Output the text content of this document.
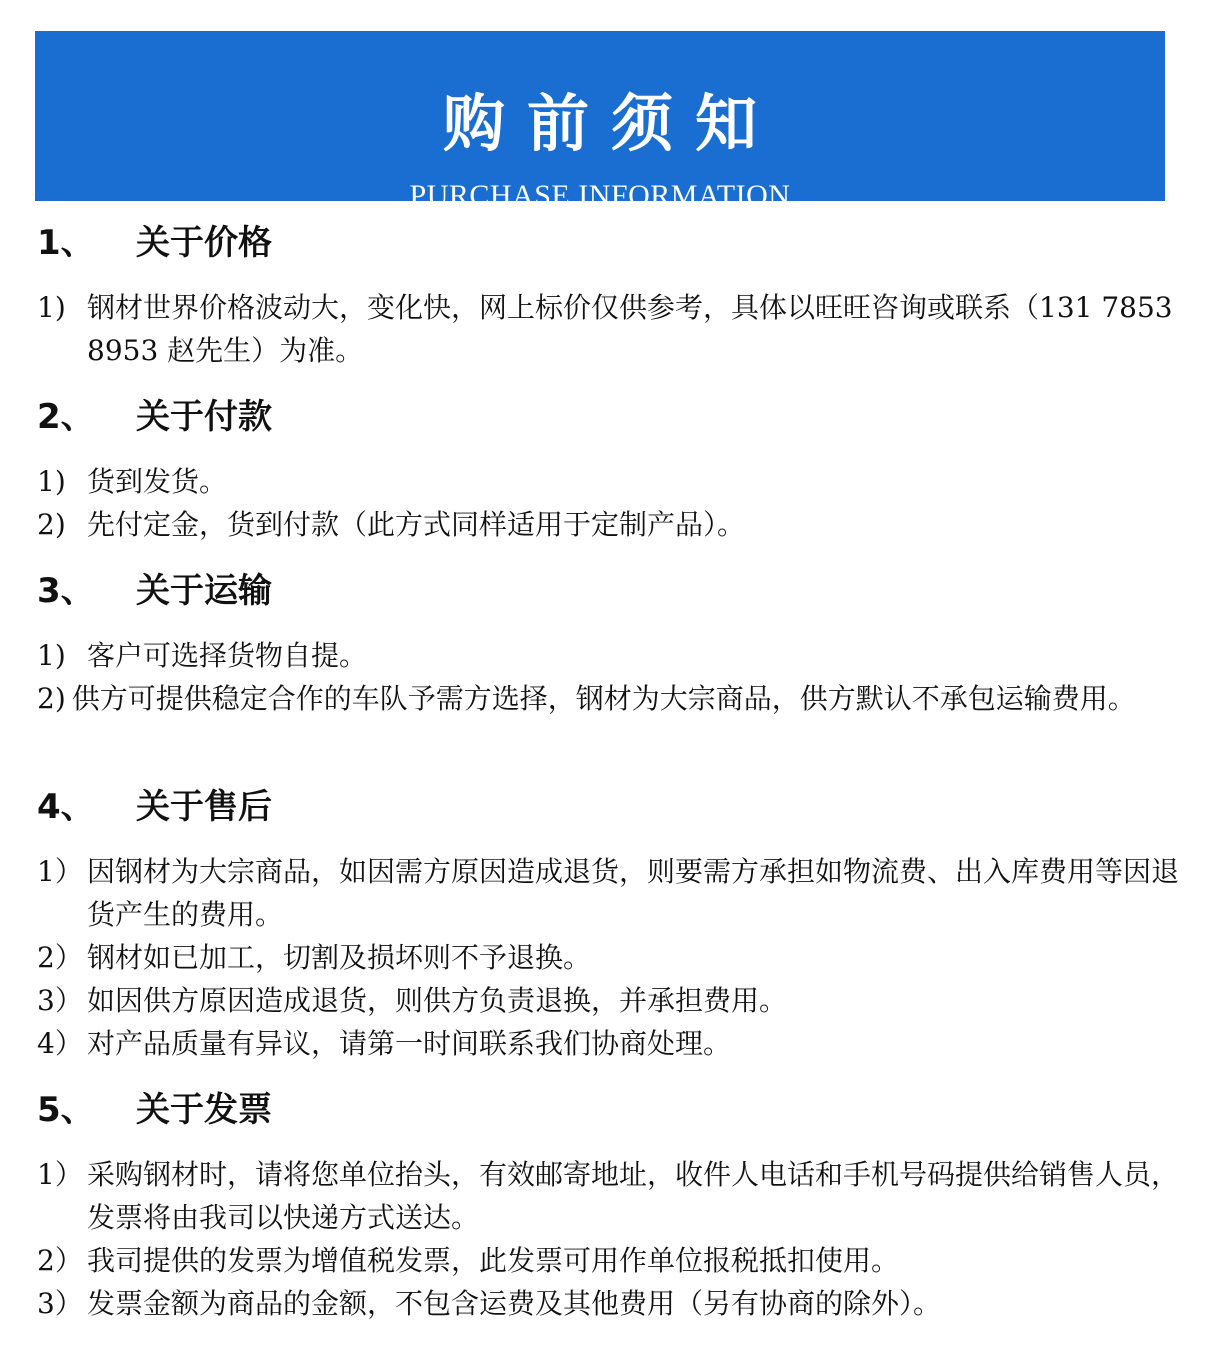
购前须知
PURCHASE INFORMATION
1、 关于价格
1) 钢材世界价格波动大，变化快，网上标价仅供参考，具体以旺旺咨询或联系（131 7853 8953 赵先生）为准。
2、 关于付款
1) 货到发货。
2) 先付定金，货到付款（此方式同样适用于定制产品）。
3、 关于运输
1) 客户可选择货物自提。
2) 供方可提供稳定合作的车队予需方选择，钢材为大宗商品，供方默认不承包运输费用。
4、 关于售后
1） 因钢材为大宗商品，如因需方原因造成退货，则要需方承担如物流费、出入库费用等因退货产生的费用。
2） 钢材如已加工，切割及损坏则不予退换。
3） 如因供方原因造成退货，则供方负责退换，并承担费用。
4） 对产品质量有异议，请第一时间联系我们协商处理。
5、 关于发票
1） 采购钢材时，请将您单位抬头，有效邮寄地址，收件人电话和手机号码提供给销售人员，发票将由我司以快递方式送达。
2） 我司提供的发票为增值税发票，此发票可用作单位报税抵扣使用。
3） 发票金额为商品的金额，不包含运费及其他费用（另有协商的除外）。
